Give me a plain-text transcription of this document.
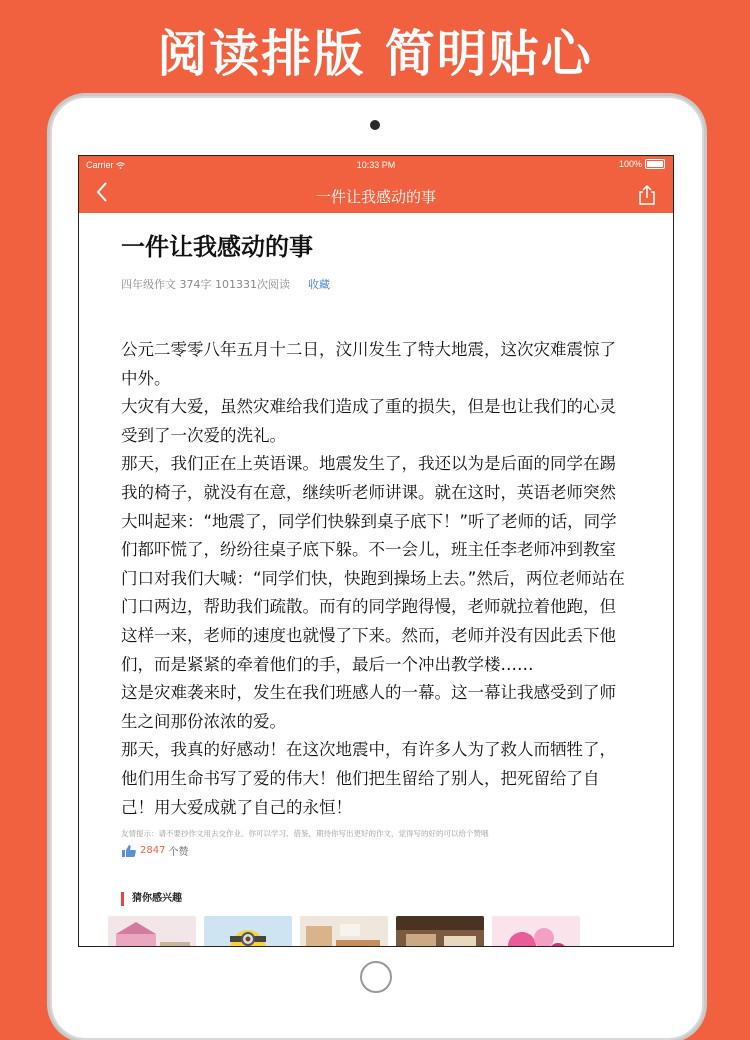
阅读排版 简明贴心
Carrier	10:33 PM	100%
一件让我感动的事
一件让我感动的事
四年级作文 374字 101331次阅读 收藏

公元二零零八年五月十二日，汶川发生了特大地震，这次灾难震惊了中外。

大灾有大爱，虽然灾难给我们造成了重的损失，但是也让我们的心灵受到了一次爱的洗礼。

那天，我们正在上英语课。地震发生了，我还以为是后面的同学在踢我的椅子，就没有在意，继续听老师讲课。就在这时，英语老师突然大叫起来：“地震了，同学们快躲到桌子底下！”听了老师的话，同学们都吓慌了，纷纷往桌子底下躲。不一会儿，班主任李老师冲到教室门口对我们大喊：“同学们快，快跑到操场上去。”然后，两位老师站在门口两边，帮助我们疏散。而有的同学跑得慢，老师就拉着他跑，但这样一来，老师的速度也就慢了下来。然而，老师并没有因此丢下他们，而是紧紧的牵着他们的手，最后一个冲出教学楼……

这是灾难袭来时，发生在我们班感人的一幕。这一幕让我感受到了师生之间那份浓浓的爱。

那天，我真的好感动！在这次地震中，有许多人为了救人而牺牲了，他们用生命书写了爱的伟大！他们把生留给了别人，把死留给了自己！用大爱成就了自己的永恒！

友情提示：请不要抄作文用去交作业。你可以学习、借鉴，期待你写出更好的作文，觉得写的好的可以给个赞哦
2847 个赞
猜你感兴趣
